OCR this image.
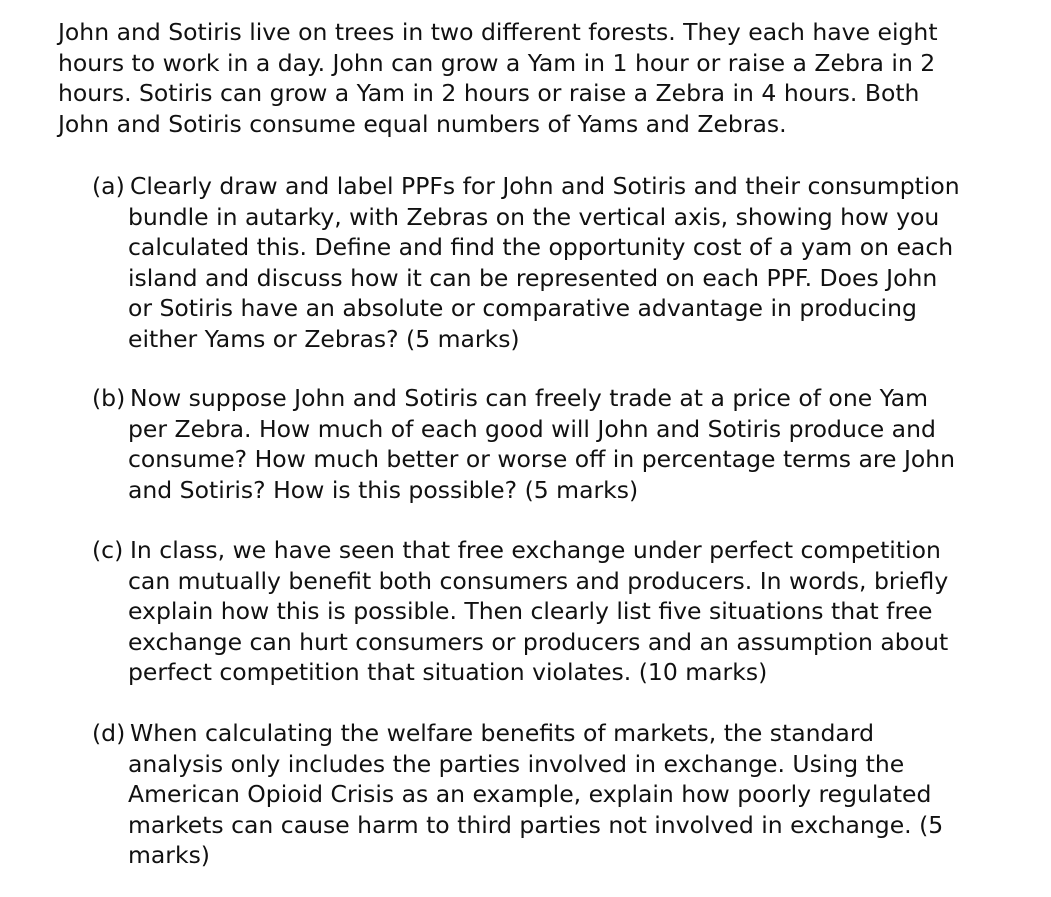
John and Sotiris live on trees in two different forests. They each have eight
hours to work in a day. John can grow a Yam in 1 hour or raise a Zebra in 2
hours. Sotiris can grow a Yam in 2 hours or raise a Zebra in 4 hours. Both
John and Sotiris consume equal numbers of Yams and Zebras.
(a) Clearly draw and label PPFs for John and Sotiris and their consumption
bundle in autarky, with Zebras on the vertical axis, showing how you
calculated this. Define and find the opportunity cost of a yam on each
island and discuss how it can be represented on each PPF. Does John
or Sotiris have an absolute or comparative advantage in producing
either Yams or Zebras? (5 marks)
(b) Now suppose John and Sotiris can freely trade at a price of one Yam
per Zebra. How much of each good will John and Sotiris produce and
consume? How much better or worse off in percentage terms are John
and Sotiris? How is this possible? (5 marks)
(c) In class, we have seen that free exchange under perfect competition
can mutually benefit both consumers and producers. In words, briefly
explain how this is possible. Then clearly list five situations that free
exchange can hurt consumers or producers and an assumption about
perfect competition that situation violates. (10 marks)
(d) When calculating the welfare benefits of markets, the standard
analysis only includes the parties involved in exchange. Using the
American Opioid Crisis as an example, explain how poorly regulated
markets can cause harm to third parties not involved in exchange. (5
marks)
